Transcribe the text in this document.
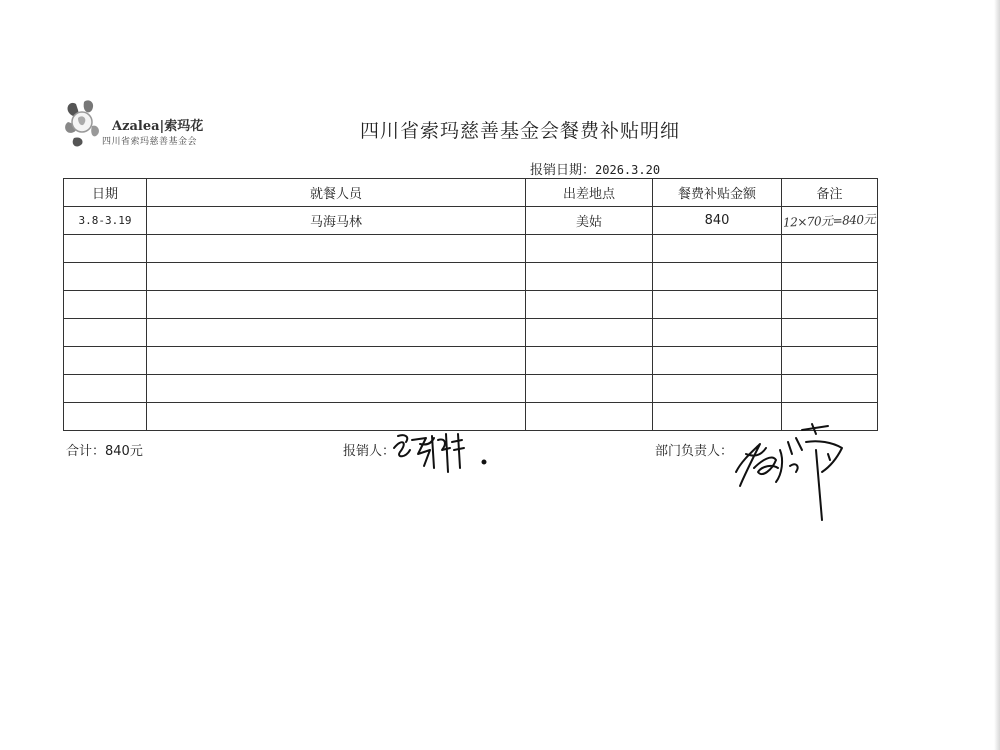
Azalea|索玛花
四川省索玛慈善基金会	四川省索玛慈善基金会餐费补贴明细
报销日期：2026.3.20
日期	就餐人员	出差地点	餐费补贴金额	备注
3.8-3.19	马海马林	美姑	840	12×70元=840元

合计：840元	报销人：	部门负责人：
